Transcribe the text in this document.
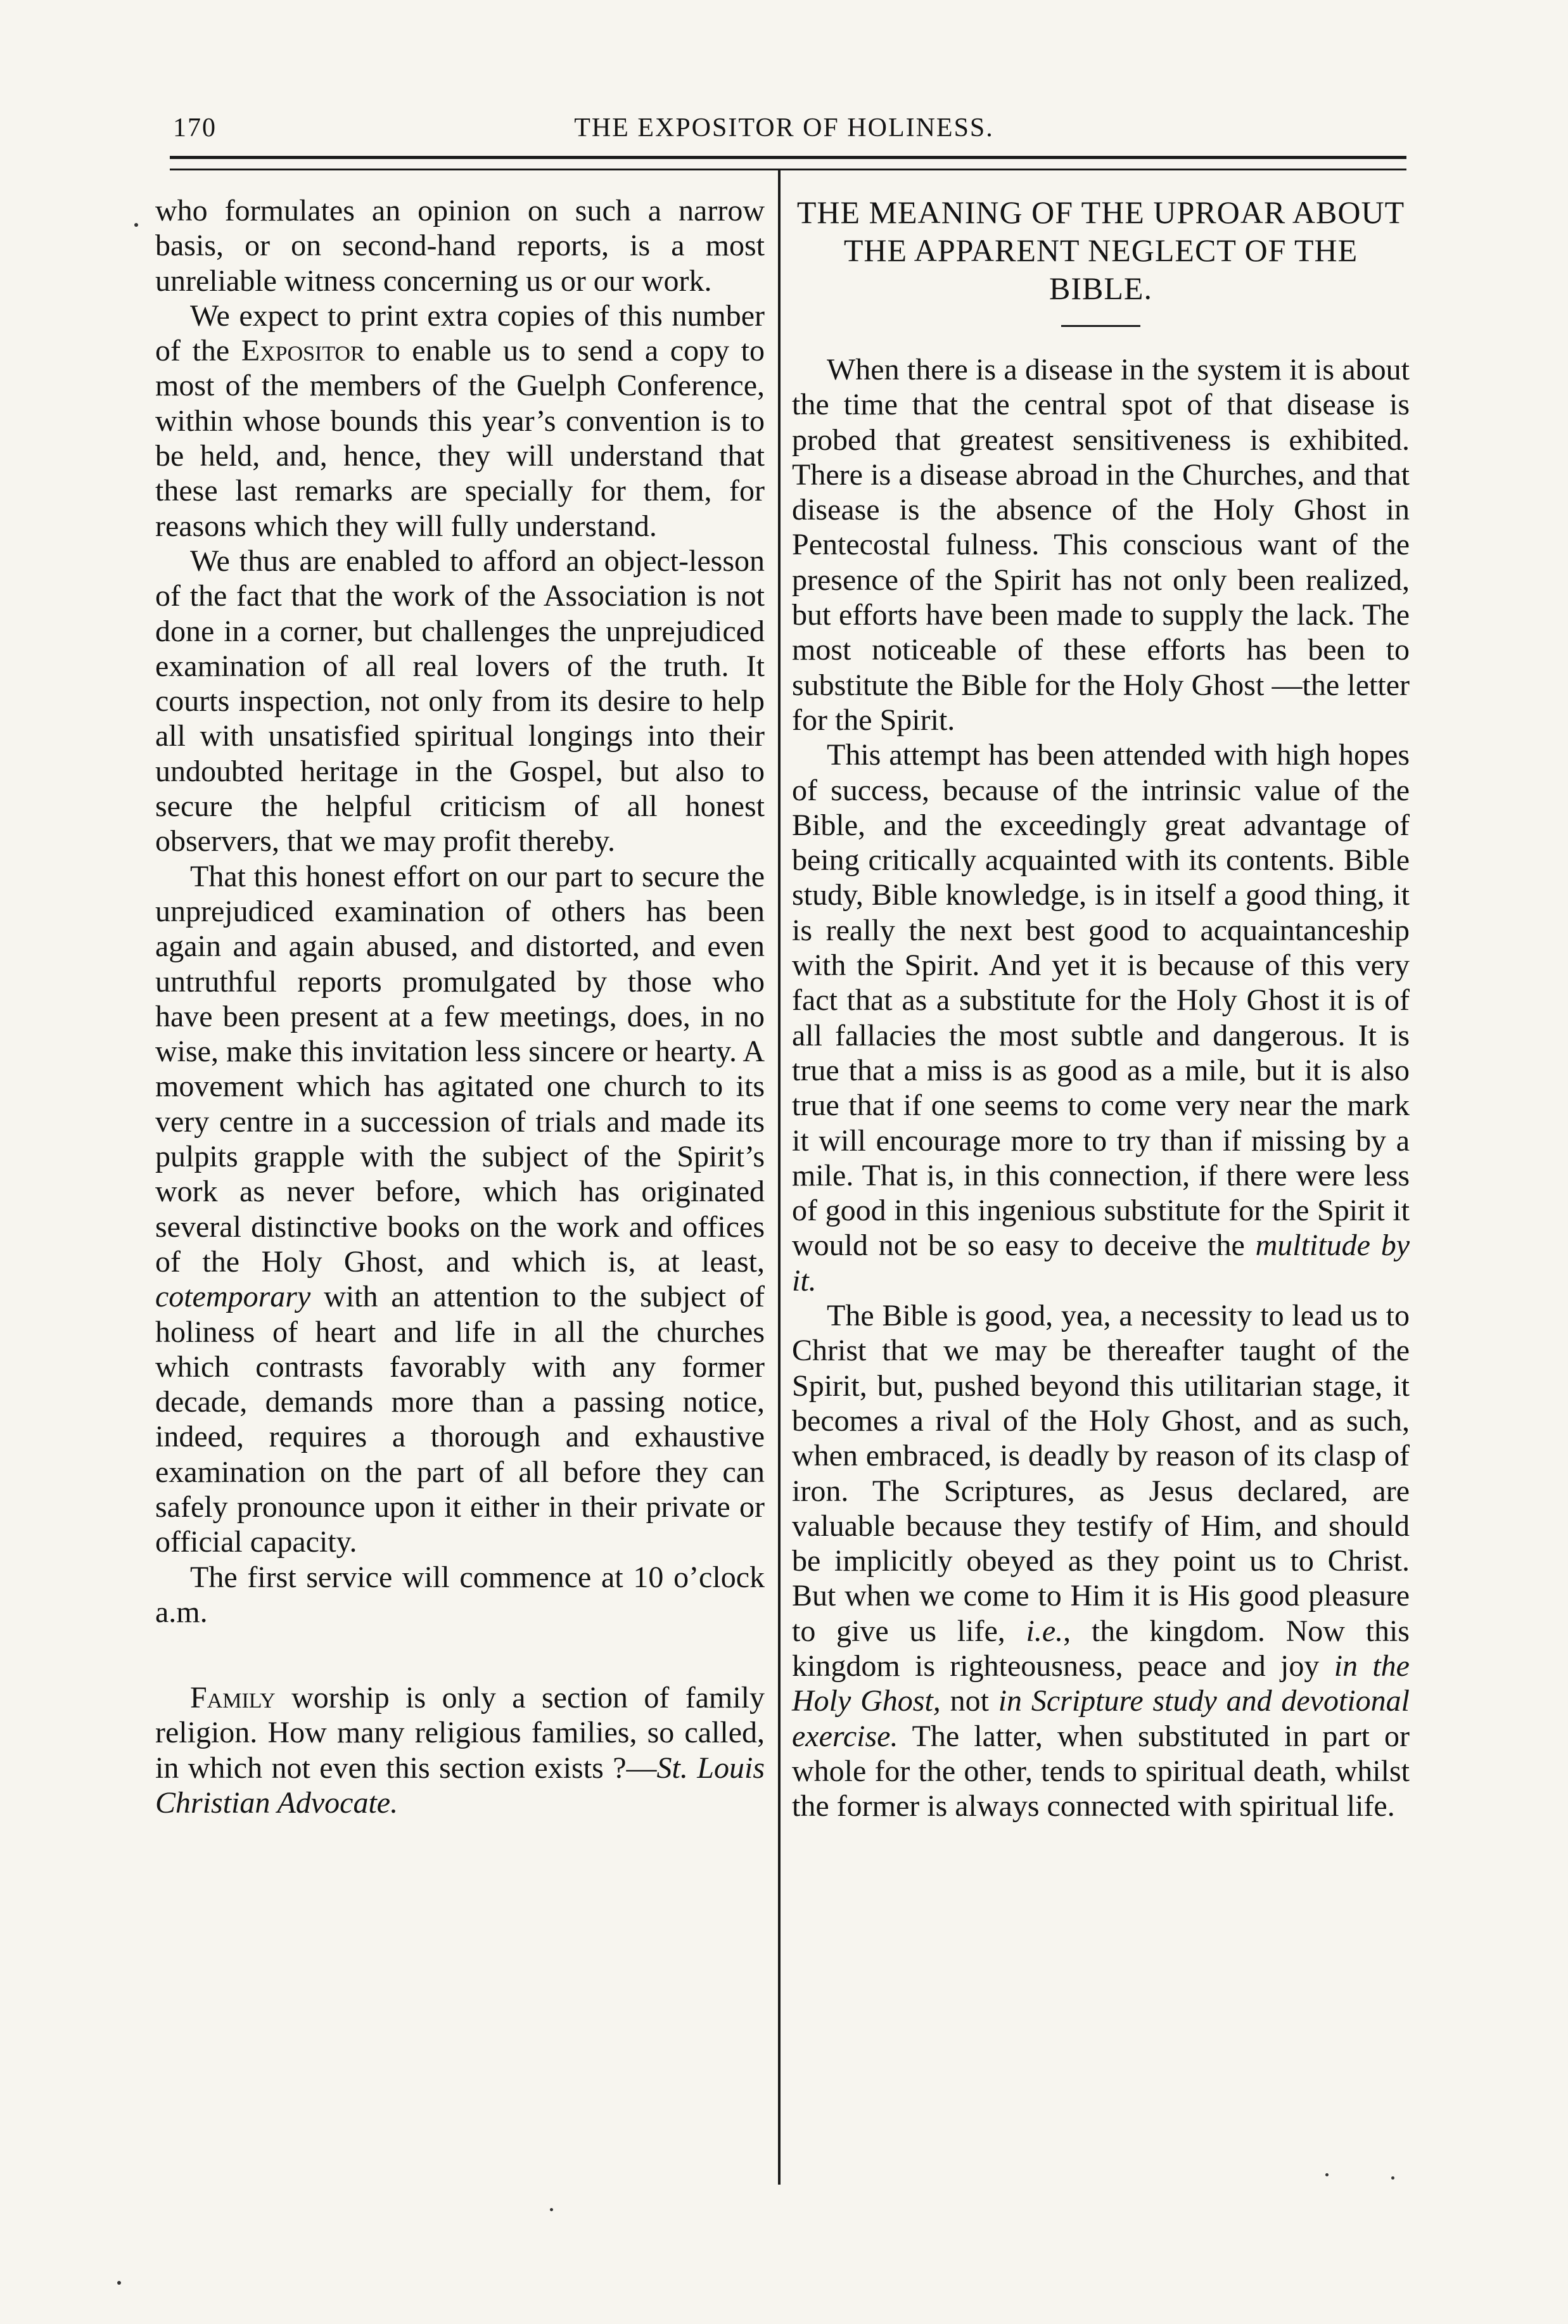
170	THE EXPOSITOR OF HOLINESS.

who formulates an opinion on such a narrow basis, or on second-hand reports, is a most unreliable witness concerning us or our work.

We expect to print extra copies of this number of the Expositor to enable us to send a copy to most of the members of the Guelph Conference, within whose bounds this year’s convention is to be held, and, hence, they will understand that these last remarks are specially for them, for reasons which they will fully understand.

We thus are enabled to afford an object-lesson of the fact that the work of the Association is not done in a corner, but challenges the unprejudiced examination of all real lovers of the truth. It courts inspection, not only from its desire to help all with unsatisfied spiritual longings into their undoubted heritage in the Gospel, but also to secure the helpful criticism of all honest observers, that we may profit thereby.

That this honest effort on our part to secure the unprejudiced examination of others has been again and again abused, and distorted, and even untruthful reports promulgated by those who have been present at a few meetings, does, in no wise, make this invitation less sincere or hearty. A movement which has agitated one church to its very centre in a succession of trials and made its pulpits grapple with the subject of the Spirit’s work as never before, which has originated several distinctive books on the work and offices of the Holy Ghost, and which is, at least, cotemporary with an attention to the subject of holiness of heart and life in all the churches which contrasts favorably with any former decade, demands more than a passing notice, indeed, requires a thorough and exhaustive examination on the part of all before they can safely pronounce upon it either in their private or official capacity.

The first service will commence at 10 o’clock a.m.

Family worship is only a section of family religion. How many religious families, so called, in which not even this section exists ?—St. Louis Christian Advocate.

THE MEANING OF THE UPROAR ABOUT THE APPARENT NEGLECT OF THE BIBLE.

When there is a disease in the system it is about the time that the central spot of that disease is probed that greatest sensitiveness is exhibited. There is a disease abroad in the Churches, and that disease is the absence of the Holy Ghost in Pentecostal fulness. This conscious want of the presence of the Spirit has not only been realized, but efforts have been made to supply the lack. The most noticeable of these efforts has been to substitute the Bible for the Holy Ghost —the letter for the Spirit.

This attempt has been attended with high hopes of success, because of the intrinsic value of the Bible, and the exceedingly great advantage of being critically acquainted with its contents. Bible study, Bible knowledge, is in itself a good thing, it is really the next best good to acquaintanceship with the Spirit. And yet it is because of this very fact that as a substitute for the Holy Ghost it is of all fallacies the most subtle and dangerous. It is true that a miss is as good as a mile, but it is also true that if one seems to come very near the mark it will encourage more to try than if missing by a mile. That is, in this connection, if there were less of good in this ingenious substitute for the Spirit it would not be so easy to deceive the multitude by it.

The Bible is good, yea, a necessity to lead us to Christ that we may be thereafter taught of the Spirit, but, pushed beyond this utilitarian stage, it becomes a rival of the Holy Ghost, and as such, when embraced, is deadly by reason of its clasp of iron. The Scriptures, as Jesus declared, are valuable because they testify of Him, and should be implicitly obeyed as they point us to Christ. But when we come to Him it is His good pleasure to give us life, i.e., the kingdom. Now this kingdom is righteousness, peace and joy in the Holy Ghost, not in Scripture study and devotional exercise. The latter, when substituted in part or whole for the other, tends to spiritual death, whilst the former is always connected with spiritual life.
